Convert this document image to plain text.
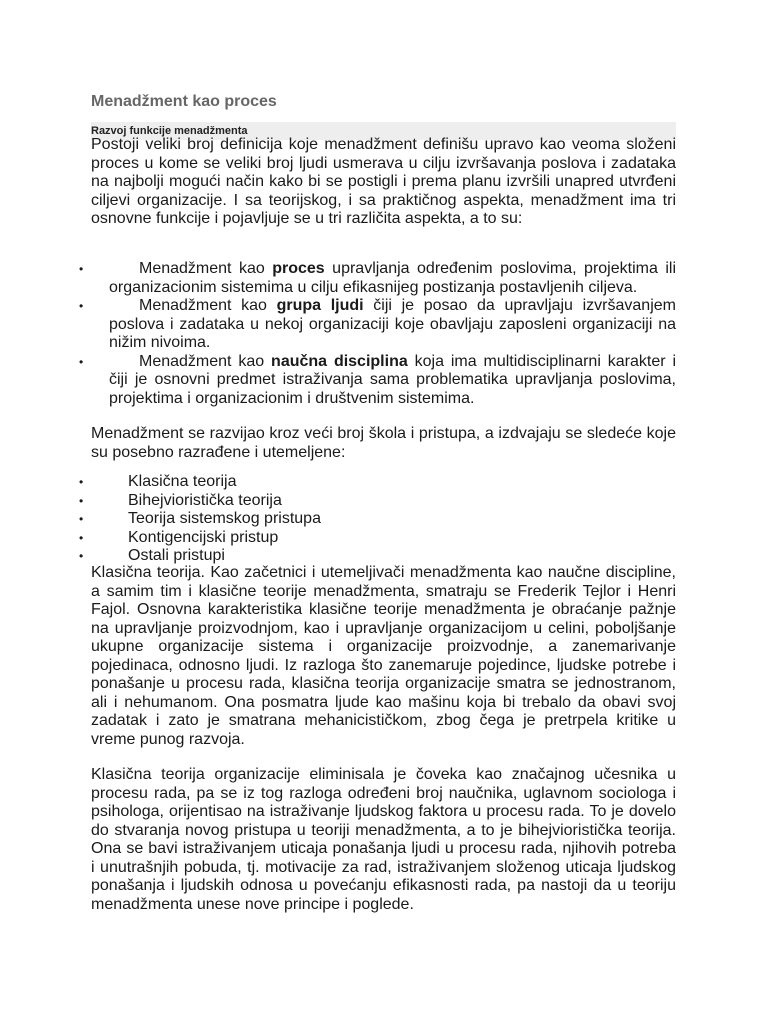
Menadžment kao proces
Razvoj funkcije menadžmenta

Postoji veliki broj definicija koje menadžment definišu upravo kao veoma složeni proces u kome se veliki broj ljudi usmerava u cilju izvršavanja poslova i zadataka na najbolji mogući način kako bi se postigli i prema planu izvršili unapred utvrđeni ciljevi organizacije. I sa teorijskog, i sa praktičnog aspekta, menadžment ima tri osnovne funkcije i pojavljuje se u tri različita aspekta, a to su:

•	Menadžment kao proces upravljanja određenim poslovima, projektima ili organizacionim sistemima u cilju efikasnijeg postizanja postavljenih ciljeva.
•	Menadžment kao grupa ljudi čiji je posao da upravljaju izvršavanjem poslova i zadataka u nekoj organizaciji koje obavljaju zaposleni organizaciji na nižim nivoima.
•	Menadžment kao naučna disciplina koja ima multidisciplinarni karakter i čiji je osnovni predmet istraživanja sama problematika upravljanja poslovima, projektima i organizacionim i društvenim sistemima.

Menadžment se razvijao kroz veći broj škola i pristupa, a izdvajaju se sledeće koje su posebno razrađene i utemeljene:

•	Klasična teorija
•	Bihejvioristička teorija
•	Teorija sistemskog pristupa
•	Kontigencijski pristup
•	Ostali pristupi

Klasična teorija. Kao začetnici i utemeljivači menadžmenta kao naučne discipline, a samim tim i klasične teorije menadžmenta, smatraju se Frederik Tejlor i Henri Fajol. Osnovna karakteristika klasične teorije menadžmenta je obraćanje pažnje na upravljanje proizvodnjom, kao i upravljanje organizacijom u celini, poboljšanje ukupne organizacije sistema i organizacije proizvodnje, a zanemarivanje pojedinaca, odnosno ljudi. Iz razloga što zanemaruje pojedince, ljudske potrebe i ponašanje u procesu rada, klasična teorija organizacije smatra se jednostranom, ali i nehumanom. Ona posmatra ljude kao mašinu koja bi trebalo da obavi svoj zadatak i zato je smatrana mehanicističkom, zbog čega je pretrpela kritike u vreme punog razvoja.

Klasična teorija organizacije eliminisala je čoveka kao značajnog učesnika u procesu rada, pa se iz tog razloga određeni broj naučnika, uglavnom sociologa i psihologa, orijentisao na istraživanje ljudskog faktora u procesu rada. To je dovelo do stvaranja novog pristupa u teoriji menadžmenta, a to je bihejvioristička teorija. Ona se bavi istraživanjem uticaja ponašanja ljudi u procesu rada, njihovih potreba i unutrašnjih pobuda, tj. motivacije za rad, istraživanjem složenog uticaja ljudskog ponašanja i ljudskih odnosa u povećanju efikasnosti rada, pa nastoji da u teoriju menadžmenta unese nove principe i poglede.
